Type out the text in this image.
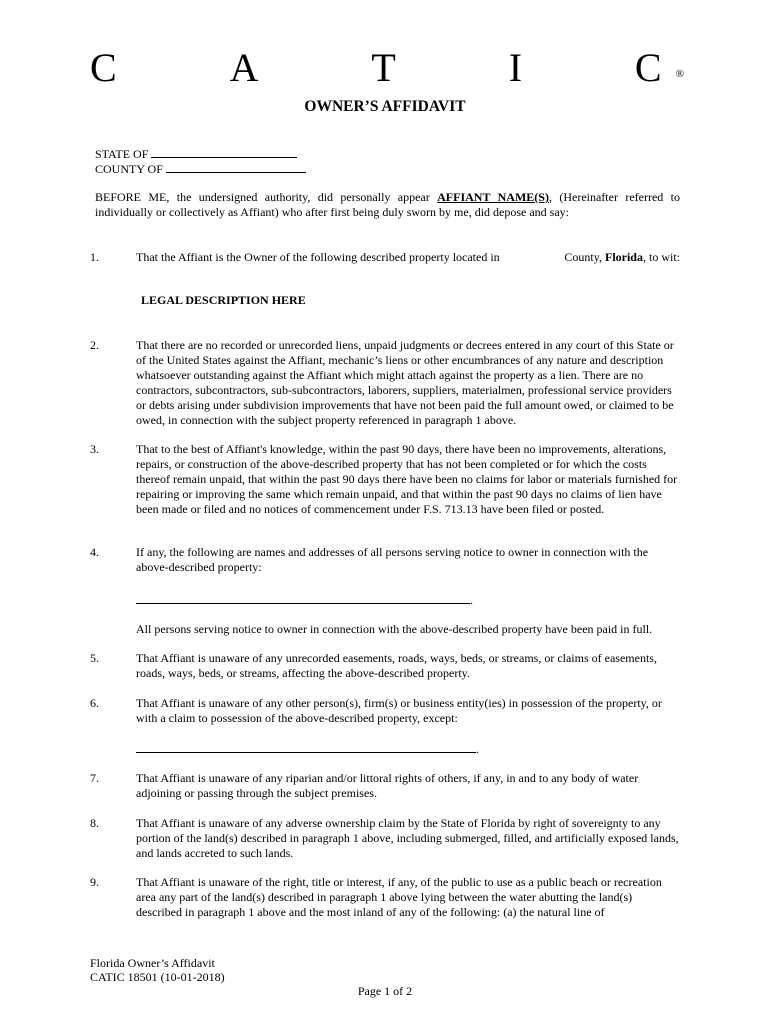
C	A	T	I	C ®
OWNER’S AFFIDAVIT
STATE OF
COUNTY OF
BEFORE ME, the undersigned authority, did personally appear AFFIANT NAME(S), (Hereinafter referred to individually or collectively as Affiant) who after first being duly sworn by me, did depose and say:
1.	That the Affiant is the Owner of the following described property located in	County, Florida, to wit:
LEGAL DESCRIPTION HERE
2.	That there are no recorded or unrecorded liens, unpaid judgments or decrees entered in any court of this State or of the United States against the Affiant, mechanic’s liens or other encumbrances of any nature and description whatsoever outstanding against the Affiant which might attach against the property as a lien. There are no contractors, subcontractors, sub-subcontractors, laborers, suppliers, materialmen, professional service providers or debts arising under subdivision improvements that have not been paid the full amount owed, or claimed to be owed, in connection with the subject property referenced in paragraph 1 above.
3.	That to the best of Affiant's knowledge, within the past 90 days, there have been no improvements, alterations, repairs, or construction of the above-described property that has not been completed or for which the costs thereof remain unpaid, that within the past 90 days there have been no claims for labor or materials furnished for repairing or improving the same which remain unpaid, and that within the past 90 days no claims of lien have been made or filed and no notices of commencement under F.S. 713.13 have been filed or posted.
4.	If any, the following are names and addresses of all persons serving notice to owner in connection with the above-described property:
.
All persons serving notice to owner in connection with the above-described property have been paid in full.
5.	That Affiant is unaware of any unrecorded easements, roads, ways, beds, or streams, or claims of easements, roads, ways, beds, or streams, affecting the above-described property.
6.	That Affiant is unaware of any other person(s), firm(s) or business entity(ies) in possession of the property, or with a claim to possession of the above-described property, except:
.
7.	That Affiant is unaware of any riparian and/or littoral rights of others, if any, in and to any body of water adjoining or passing through the subject premises.
8.	That Affiant is unaware of any adverse ownership claim by the State of Florida by right of sovereignty to any portion of the land(s) described in paragraph 1 above, including submerged, filled, and artificially exposed lands, and lands accreted to such lands.
9.	That Affiant is unaware of the right, title or interest, if any, of the public to use as a public beach or recreation area any part of the land(s) described in paragraph 1 above lying between the water abutting the land(s) described in paragraph 1 above and the most inland of any of the following: (a) the natural line of
Florida Owner’s Affidavit
CATIC 18501 (10-01-2018)
Page 1 of 2
